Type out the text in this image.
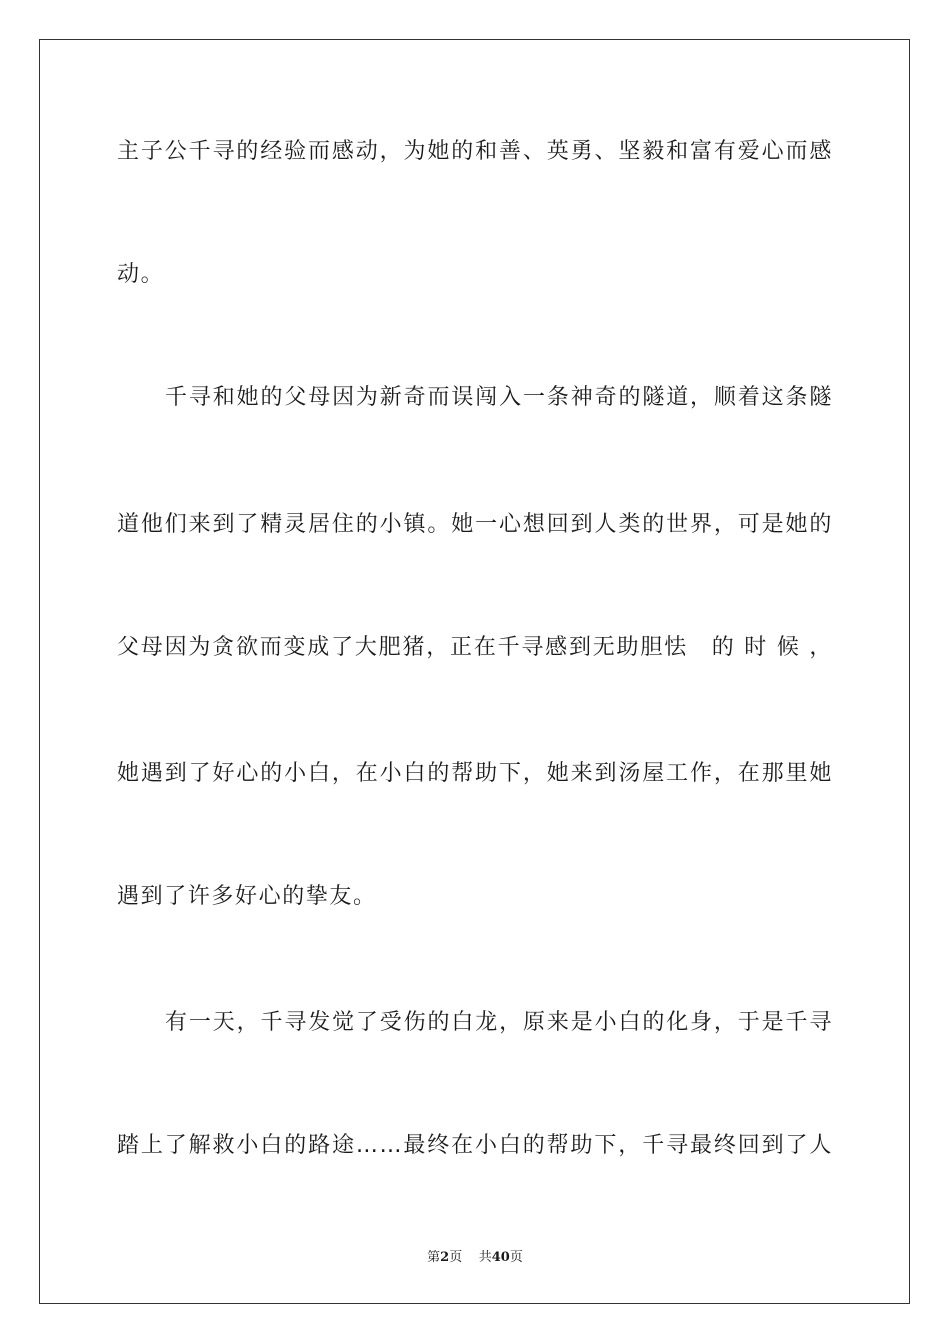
主子公千寻的经验而感动，为她的和善、英勇、坚毅和富有爱心而感
动。
千寻和她的父母因为新奇而误闯入一条神奇的隧道，顺着这条隧
道他们来到了精灵居住的小镇。她一心想回到人类的世界，可是她的
父母因为贪欲而变成了大肥猪，正在千寻感到无助胆怯　的 时 候 ，
她遇到了好心的小白，在小白的帮助下，她来到汤屋工作，在那里她
遇到了许多好心的挚友。
有一天，千寻发觉了受伤的白龙，原来是小白的化身，于是千寻
踏上了解救小白的路途……最终在小白的帮助下，千寻最终回到了人
第2页 共40页
